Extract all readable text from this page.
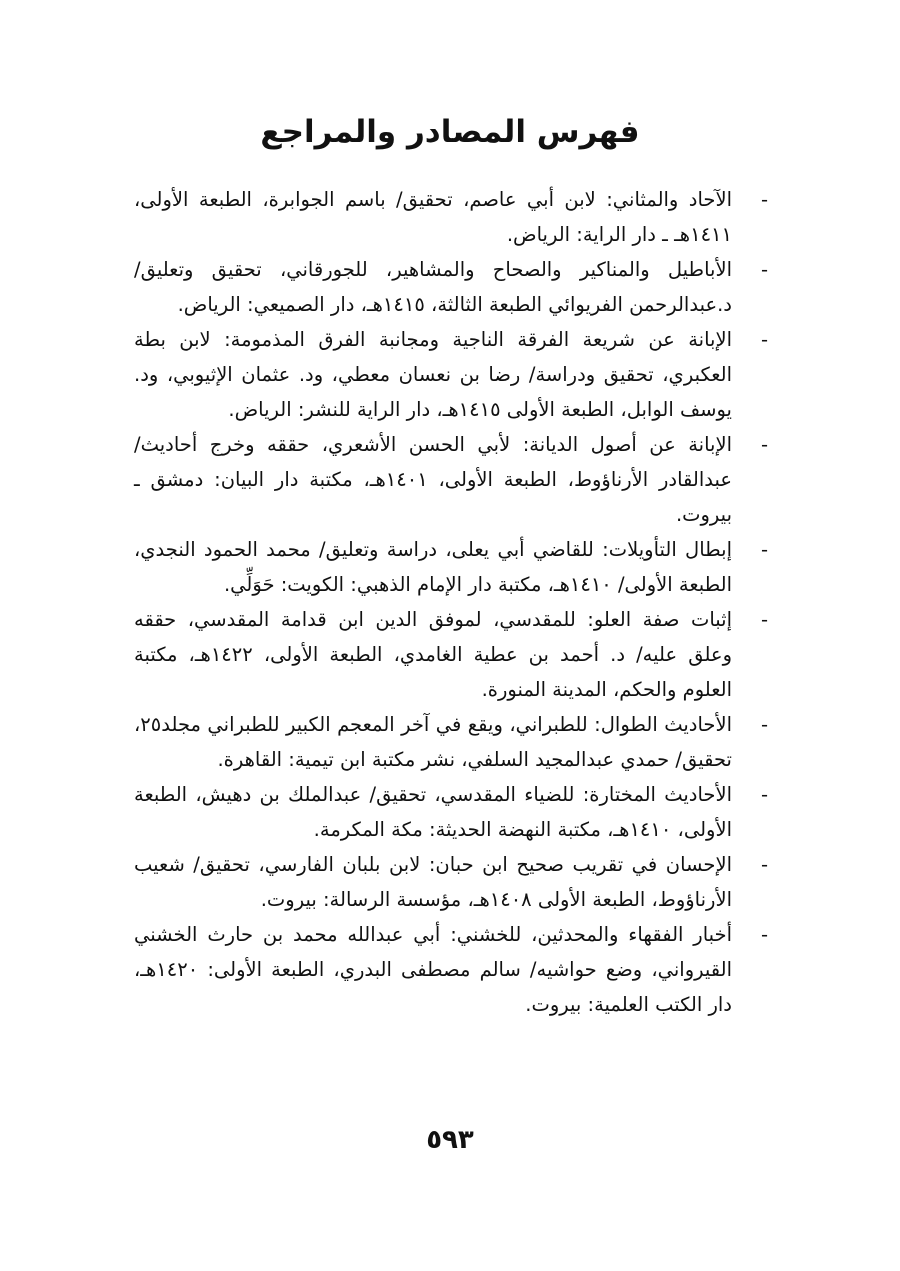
فهرس المصادر والمراجع
-
الآحاد والمثاني: لابن أبي عاصم، تحقيق/ باسم الجوابرة، الطبعة الأولى، ١٤١١هـ ـ دار الراية: الرياض.
-
الأباطيل والمناكير والصحاح والمشاهير، للجورقاني، تحقيق وتعليق/ د.عبدالرحمن الفريوائي الطبعة الثالثة، ١٤١٥هـ، دار الصميعي: الرياض.
-
الإبانة عن شريعة الفرقة الناجية ومجانبة الفرق المذمومة: لابن بطة العكبري، تحقيق ودراسة/ رضا بن نعسان معطي، ود. عثمان الإثيوبي، ود. يوسف الوابل، الطبعة الأولى ١٤١٥هـ، دار الراية للنشر: الرياض.
-
الإبانة عن أصول الديانة: لأبي الحسن الأشعري، حققه وخرج أحاديث/ عبدالقادر الأرناؤوط، الطبعة الأولى، ١٤٠١هـ، مكتبة دار البيان: دمشق ـ بيروت.
-
إبطال التأويلات: للقاضي أبي يعلى، دراسة وتعليق/ محمد الحمود النجدي، الطبعة الأولى/ ١٤١٠هـ، مكتبة دار الإمام الذهبي: الكويت: حَوَلِّي.
-
إثبات صفة العلو: للمقدسي، لموفق الدين ابن قدامة المقدسي، حققه وعلق عليه/ د. أحمد بن عطية الغامدي، الطبعة الأولى، ١٤٢٢هـ، مكتبة العلوم والحكم، المدينة المنورة.
-
الأحاديث الطوال: للطبراني، ويقع في آخر المعجم الكبير للطبراني مجلد٢٥، تحقيق/ حمدي عبدالمجيد السلفي، نشر مكتبة ابن تيمية: القاهرة.
-
الأحاديث المختارة: للضياء المقدسي، تحقيق/ عبدالملك بن دهيش، الطبعة الأولى، ١٤١٠هـ، مكتبة النهضة الحديثة: مكة المكرمة.
-
الإحسان في تقريب صحيح ابن حبان: لابن بلبان الفارسي، تحقيق/ شعيب الأرناؤوط، الطبعة الأولى ١٤٠٨هـ، مؤسسة الرسالة: بيروت.
-
أخبار الفقهاء والمحدثين، للخشني: أبي عبدالله محمد بن حارث الخشني القيرواني، وضع حواشيه/ سالم مصطفى البدري، الطبعة الأولى: ١٤٢٠هـ، دار الكتب العلمية: بيروت.
٥٩٣
